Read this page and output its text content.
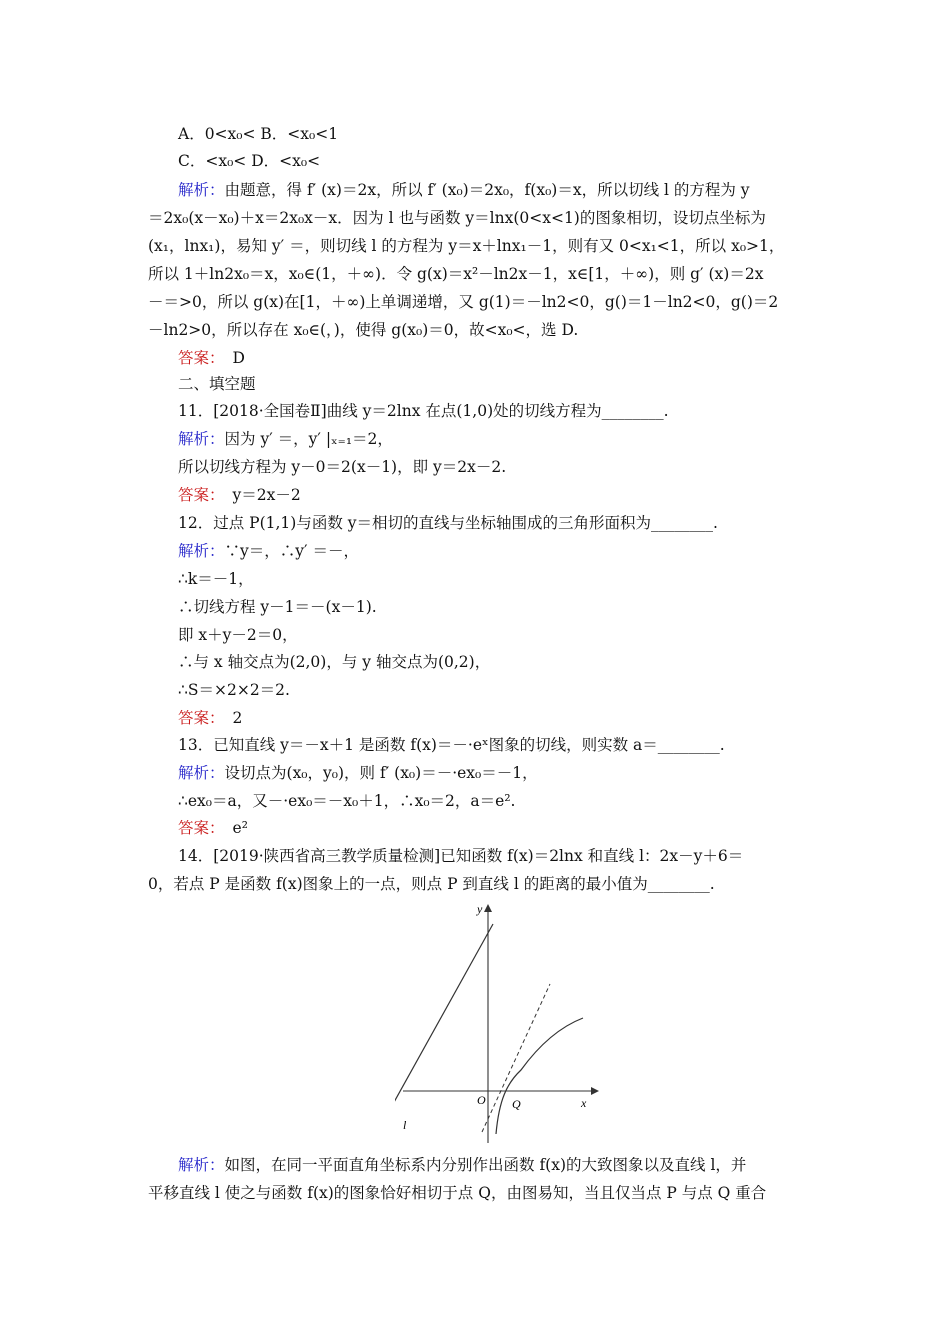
A．0<x₀< B．<x₀<1
C．<x₀< D．<x₀<
解析：由题意，得 f′ (x)＝2x，所以 f′ (x₀)＝2x₀，f(x₀)＝x，所以切线 l 的方程为 y
＝2x₀(x－x₀)＋x＝2x₀x－x．因为 l 也与函数 y＝lnx(0<x<1)的图象相切，设切点坐标为
(x₁，lnx₁)，易知 y′ ＝，则切线 l 的方程为 y＝x＋lnx₁－1，则有又 0<x₁<1，所以 x₀>1，
所以 1＋ln2x₀＝x，x₀∈(1，＋∞)．令 g(x)＝x²－ln2x－1，x∈[1，＋∞)，则 g′ (x)＝2x
－＝>0，所以 g(x)在[1，＋∞)上单调递增，又 g(1)＝－ln2<0，g()＝1－ln2<0，g()＝2
－ln2>0，所以存在 x₀∈(，)，使得 g(x₀)＝0，故<x₀<，选 D.
答案： D
二、填空题
11．[2018·全国卷Ⅱ]曲线 y＝2lnx 在点(1,0)处的切线方程为________.
解析：因为 y′ ＝，y′ |ₓ₌₁＝2，
所以切线方程为 y－0＝2(x－1)，即 y＝2x－2.
答案： y＝2x－2
12．过点 P(1,1)与函数 y＝相切的直线与坐标轴围成的三角形面积为________.
解析：∵y＝，∴y′ ＝－，
∴k＝－1，
∴切线方程 y－1＝－(x－1).
即 x＋y－2＝0，
∴与 x 轴交点为(2,0)，与 y 轴交点为(0,2)，
∴S＝×2×2＝2.
答案： 2
13．已知直线 y＝－x＋1 是函数 f(x)＝－·eˣ图象的切线，则实数 a＝________.
解析：设切点为(x₀，y₀)，则 f′ (x₀)＝－·ex₀＝－1，
∴ex₀＝a，又－·ex₀＝－x₀＋1，∴x₀＝2，a＝e².
答案： e²
14．[2019·陕西省高三教学质量检测]已知函数 f(x)＝2lnx 和直线 l：2x－y＋6＝
0，若点 P 是函数 f(x)图象上的一点，则点 P 到直线 l 的距离的最小值为________.
y
x
O Q
l
解析：如图，在同一平面直角坐标系内分别作出函数 f(x)的大致图象以及直线 l，并
平移直线 l 使之与函数 f(x)的图象恰好相切于点 Q，由图易知，当且仅当点 P 与点 Q 重合
